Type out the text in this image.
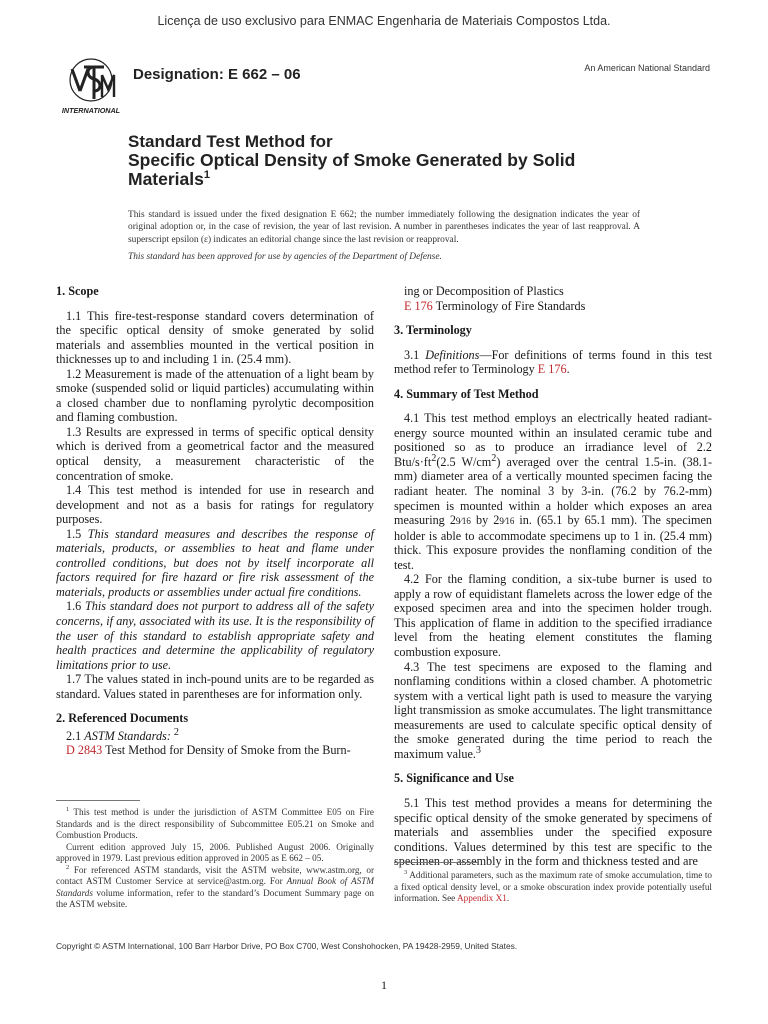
Licença de uso exclusivo para ENMAC Engenharia de Materiais Compostos Ltda.
INTERNATIONAL
Designation: E 662 – 06	An American National Standard
Standard Test Method for
Specific Optical Density of Smoke Generated by Solid
Materials$^1$
This standard is issued under the fixed designation E 662; the number immediately following the designation indicates the year of original adoption or, in the case of revision, the year of last revision. A number in parentheses indicates the year of last reapproval. A superscript epsilon (ε) indicates an editorial change since the last revision or reapproval.
This standard has been approved for use by agencies of the Department of Defense.
1. Scope

1.1 This fire-test-response standard covers determination of the specific optical density of smoke generated by solid materials and assemblies mounted in the vertical position in thicknesses up to and including 1 in. (25.4 mm).

1.2 Measurement is made of the attenuation of a light beam by smoke (suspended solid or liquid particles) accumulating within a closed chamber due to nonflaming pyrolytic decomposition and flaming combustion.

1.3 Results are expressed in terms of specific optical density which is derived from a geometrical factor and the measured optical density, a measurement characteristic of the concentration of smoke.

1.4 This test method is intended for use in research and development and not as a basis for ratings for regulatory purposes.

1.5 This standard measures and describes the response of materials, products, or assemblies to heat and flame under controlled conditions, but does not by itself incorporate all factors required for fire hazard or fire risk assessment of the materials, products or assemblies under actual fire conditions.

1.6 This standard does not purport to address all of the safety concerns, if any, associated with its use. It is the responsibility of the user of this standard to establish appropriate safety and health practices and determine the applicability of regulatory limitations prior to use.

1.7 The values stated in inch-pound units are to be regarded as standard. Values stated in parentheses are for information only.

2. Referenced Documents

2.1 ASTM Standards: $^2$

D 2843 Test Method for Density of Smoke from the Burn-

$^1$ This test method is under the jurisdiction of ASTM Committee E05 on Fire Standards and is the direct responsibility of Subcommittee E05.21 on Smoke and Combustion Products.

Current edition approved July 15, 2006. Published August 2006. Originally approved in 1979. Last previous edition approved in 2005 as E 662 – 05.

$^2$ For referenced ASTM standards, visit the ASTM website, www.astm.org, or contact ASTM Customer Service at service@astm.org. For Annual Book of ASTM Standards volume information, refer to the standard’s Document Summary page on the ASTM website.

ing or Decomposition of Plastics

E 176 Terminology of Fire Standards

3. Terminology

3.1 Definitions—For definitions of terms found in this test method refer to Terminology E 176.

4. Summary of Test Method

4.1 This test method employs an electrically heated radiant-energy source mounted within an insulated ceramic tube and positioned so as to produce an irradiance level of 2.2 Btu/$s\cdot ft^2(2.5$ $W/cm^2$) averaged over the central 1.5-in. (38.1-mm) diameter area of a vertically mounted specimen facing the radiant heater. The nominal 3 by 3-in. (76.2 by 76.2-mm) specimen is mounted within a holder which exposes an area measuring 29⁄16 by 29⁄16 in. (65.1 by 65.1 mm). The specimen holder is able to accommodate specimens up to 1 in. (25.4 mm) thick. This exposure provides the nonflaming condition of the test.

4.2 For the flaming condition, a six-tube burner is used to apply a row of equidistant flamelets across the lower edge of the exposed specimen area and into the specimen holder trough. This application of flame in addition to the specified irradiance level from the heating element constitutes the flaming combustion exposure.

4.3 The test specimens are exposed to the flaming and nonflaming conditions within a closed chamber. A photometric system with a vertical light path is used to measure the varying light transmission as smoke accumulates. The light transmittance measurements are used to calculate specific optical density of the smoke generated during the time period to reach the maximum value.$^3$

5. Significance and Use

5.1 This test method provides a means for determining the specific optical density of the smoke generated by specimens of materials and assemblies under the specified exposure conditions. Values determined by this test are specific to the specimen or assembly in the form and thickness tested and are

$^3$ Additional parameters, such as the maximum rate of smoke accumulation, time to a fixed optical density level, or a smoke obscuration index provide potentially useful information. See Appendix X1.

Copyright © ASTM International, 100 Barr Harbor Drive, PO Box C700, West Conshohocken, PA 19428-2959, United States.
1
